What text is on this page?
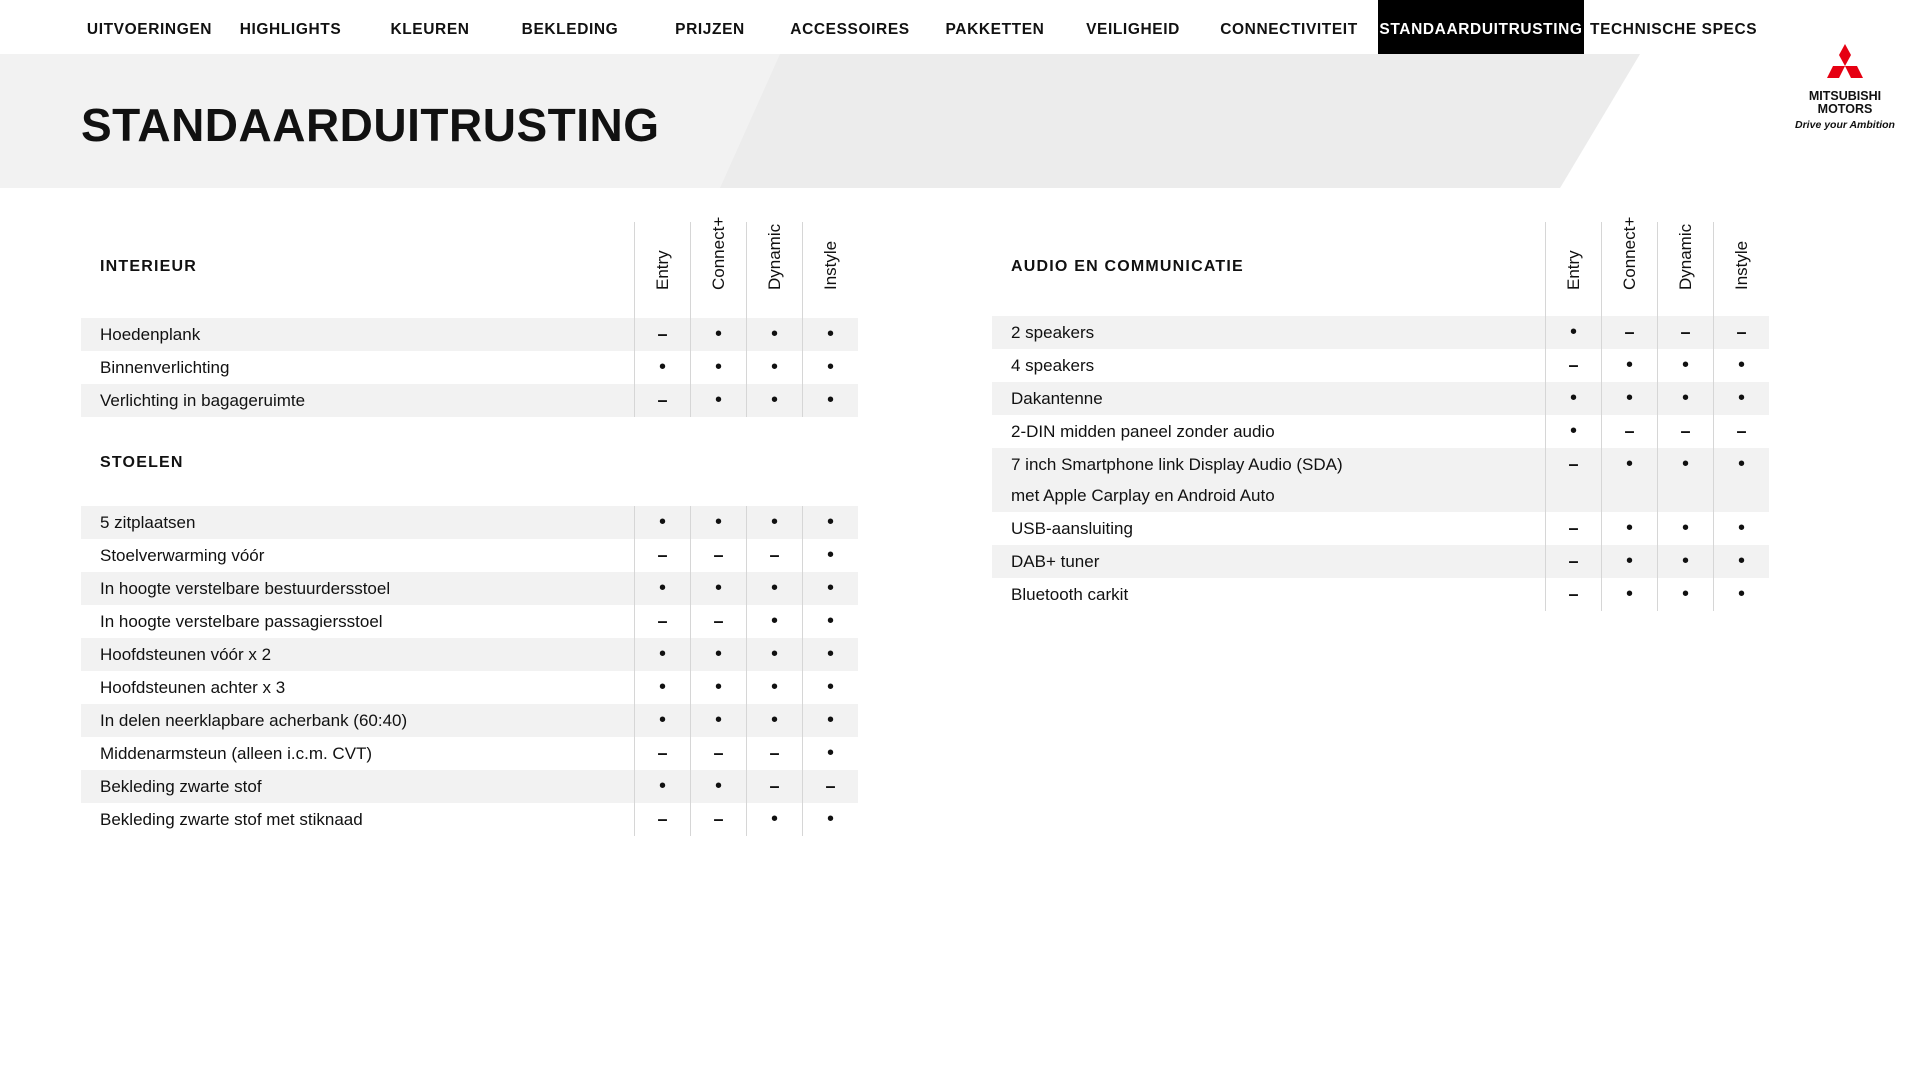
UITVOERINGEN	HIGHLIGHTS	KLEUREN	BEKLEDING	PRIJZEN	ACCESSOIRES	PAKKETTEN	VEILIGHEID	CONNECTIVITEIT	STANDAARDUITRUSTING TECHNISCHE SPECS
STANDAARDUITRUSTING
MITSUBISHI
MOTORS
Drive your Ambition
INTERIEUR	Entry Connect+ Dynamic Instyle
Hoedenplank	–	•	•	•
Binnenverlichting	•	•	•	•
Verlichting in bagageruimte	–	•	•	•
STOELEN
5 zitplaatsen	•	•	•	•
Stoelverwarming vóór	–	–	–	•
In hoogte verstelbare bestuurdersstoel	•	•	•	•
In hoogte verstelbare passagiersstoel	–	–	•	•
Hoofdsteunen vóór x 2	•	•	•	•
Hoofdsteunen achter x 3	•	•	•	•
In delen neerklapbare acherbank (60:40)	•	•	•	•
Middenarmsteun (alleen i.c.m. CVT)	–	–	–	•
Bekleding zwarte stof	•	•	–	–
Bekleding zwarte stof met stiknaad	–	–	•	•
AUDIO EN COMMUNICATIE	Entry Connect+ Dynamic Instyle
2 speakers	•	–	–	–
4 speakers	–	•	•	•
Dakantenne	•	•	•	•
2-DIN midden paneel zonder audio	•	–	–	–
7 inch Smartphone link Display Audio (SDA)
met Apple Carplay en Android Auto
–	•	•	•
USB-aansluiting	–	•	•	•
DAB+ tuner	–	•	•	•
Bluetooth carkit	–	•	•	•
